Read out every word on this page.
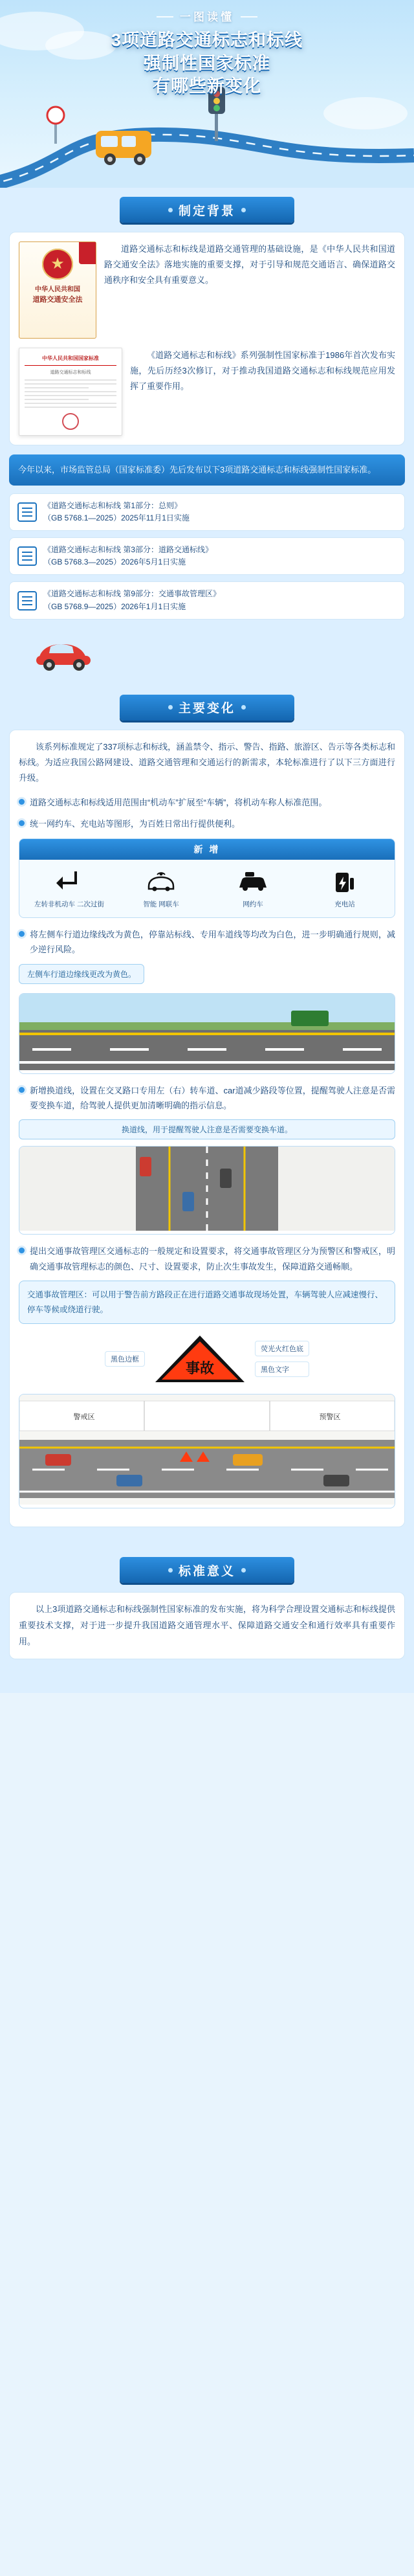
一图读懂
3项道路交通标志和标线
强制性国家标准
有哪些新变化
制定背景
★
中华人民共和国
道路交通安全法

道路交通标志和标线是道路交通管理的基础设施，是《中华人民共和国道路交通安全法》落地实施的重要支撑，对于引导和规范交通语言、确保道路交通秩序和安全具有重要意义。

中华人民共和国国家标准
道路交通标志和标线

《道路交通标志和标线》系列强制性国家标准于1986年首次发布实施，先后历经3次修订，对于推动我国道路交通标志和标线规范应用发挥了重要作用。

今年以来，市场监管总局（国家标准委）先后发布以下3项道路交通标志和标线强制性国家标准。
《道路交通标志和标线 第1部分：总则》
（GB 5768.1—2025）2025年11月1日实施
《道路交通标志和标线 第3部分：道路交通标线》
（GB 5768.3—2025）2026年5月1日实施
《道路交通标志和标线 第9部分：交通事故管理区》
（GB 5768.9—2025）2026年1月1日实施
主要变化

该系列标准规定了337项标志和标线，涵盖禁令、指示、警告、指路、旅游区、告示等各类标志和标线。为适应我国公路网建设、道路交通管理和交通运行的新需求，本轮标准进行了以下三方面进行升级。

道路交通标志和标线适用范围由“机动车”扩展至“车辆”，将机动车称人标准范围。

统一网约车、充电站等图形，为百姓日常出行提供便利。

新 增
左转非机动车 二次过街	智能 网联车	网约车	充电站

将左侧车行道边缘线改为黄色，停靠站标线、专用车道线等均改为白色，进一步明确通行规则，减少逆行风险。

左侧车行道边缘线更改为黄色。

新增换道线，设置在交叉路口专用左（右）转车道、car道减少路段等位置，提醒驾驶人注意是否需要变换车道，给驾驶人提供更加清晰明确的指示信息。

换道线，用于提醒驾驶人注意是否需要变换车道。

提出交通事故管理区交通标志的一般规定和设置要求，将交通事故管理区分为预警区和警戒区，明确交通事故管理标志的颜色、尺寸、设置要求，防止次生事故发生，保障道路交通畅顺。

交通事故管理区：可以用于警告前方路段正在进行道路交通事故现场处置，车辆驾驶人应减速慢行、停车等候或绕道行驶。
黑色边框
事故
荧光火红色底
黑色文字
警戒区	预警区
标准意义

以上3项道路交通标志和标线强制性国家标准的发布实施，将为科学合理设置交通标志和标线提供重要技术支撑，对于进一步提升我国道路交通管理水平、保障道路交通安全和通行效率具有重要作用。
